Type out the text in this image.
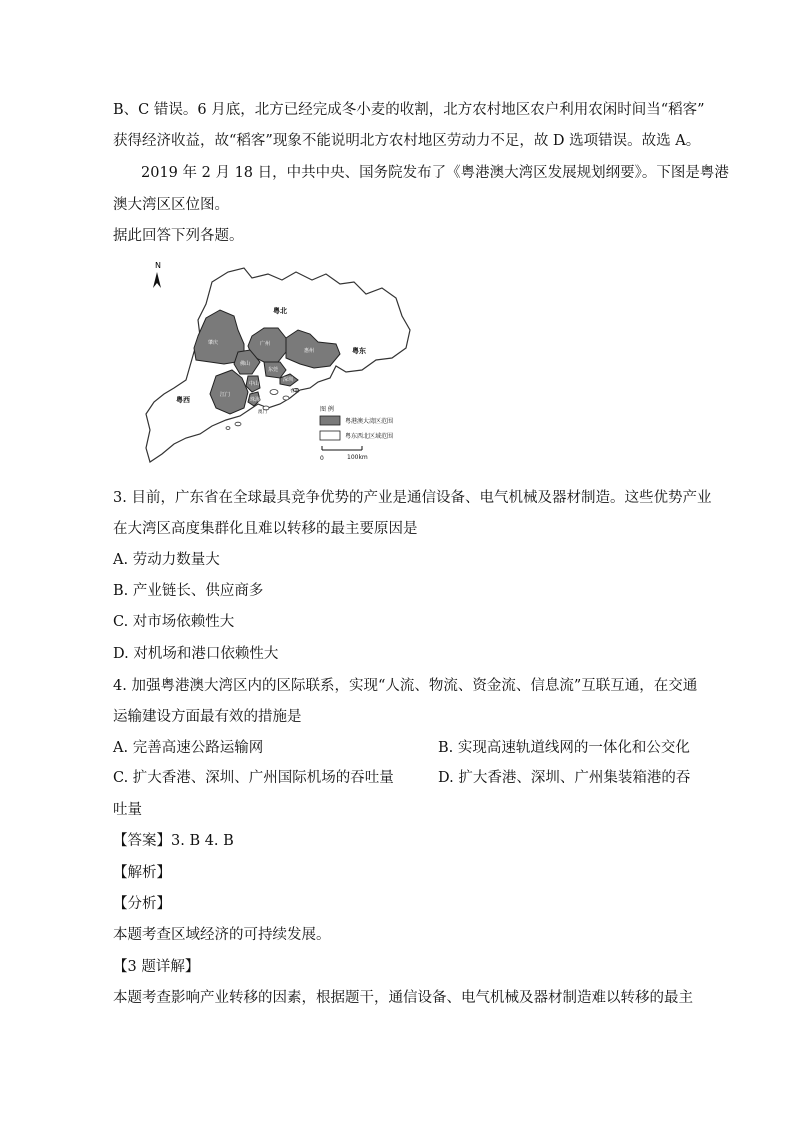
B、C 错误。6 月底，北方已经完成冬小麦的收割，北方农村地区农户利用农闲时间当“稻客”
获得经济收益，故“稻客”现象不能说明北方农村地区劳动力不足，故 D 选项错误。故选 A。
2019 年 2 月 18 日，中共中央、国务院发布了《粤港澳大湾区发展规划纲要》。下图是粤港
澳大湾区区位图。
据此回答下列各题。
N
粤北
粤东
粤西
肇庆	广州
惠州
佛山
东莞
江门
中山
深圳
珠海
澳门
香港
图 例
粤港澳大湾区范围
粤东西北区域范围
0	100km
3. 目前，广东省在全球最具竞争优势的产业是通信设备、电气机械及器材制造。这些优势产业
在大湾区高度集群化且难以转移的最主要原因是
A. 劳动力数量大
B. 产业链长、供应商多
C. 对市场依赖性大
D. 对机场和港口依赖性大
4. 加强粤港澳大湾区内的区际联系，实现“人流、物流、资金流、信息流”互联互通，在交通
运输建设方面最有效的措施是
A. 完善高速公路运输网	B. 实现高速轨道线网的一体化和公交化
C. 扩大香港、深圳、广州国际机场的吞吐量	D. 扩大香港、深圳、广州集装箱港的吞
吐量
【答案】3. B 4. B
【解析】
【分析】
本题考查区域经济的可持续发展。
【3 题详解】
本题考查影响产业转移的因素，根据题干，通信设备、电气机械及器材制造难以转移的最主
